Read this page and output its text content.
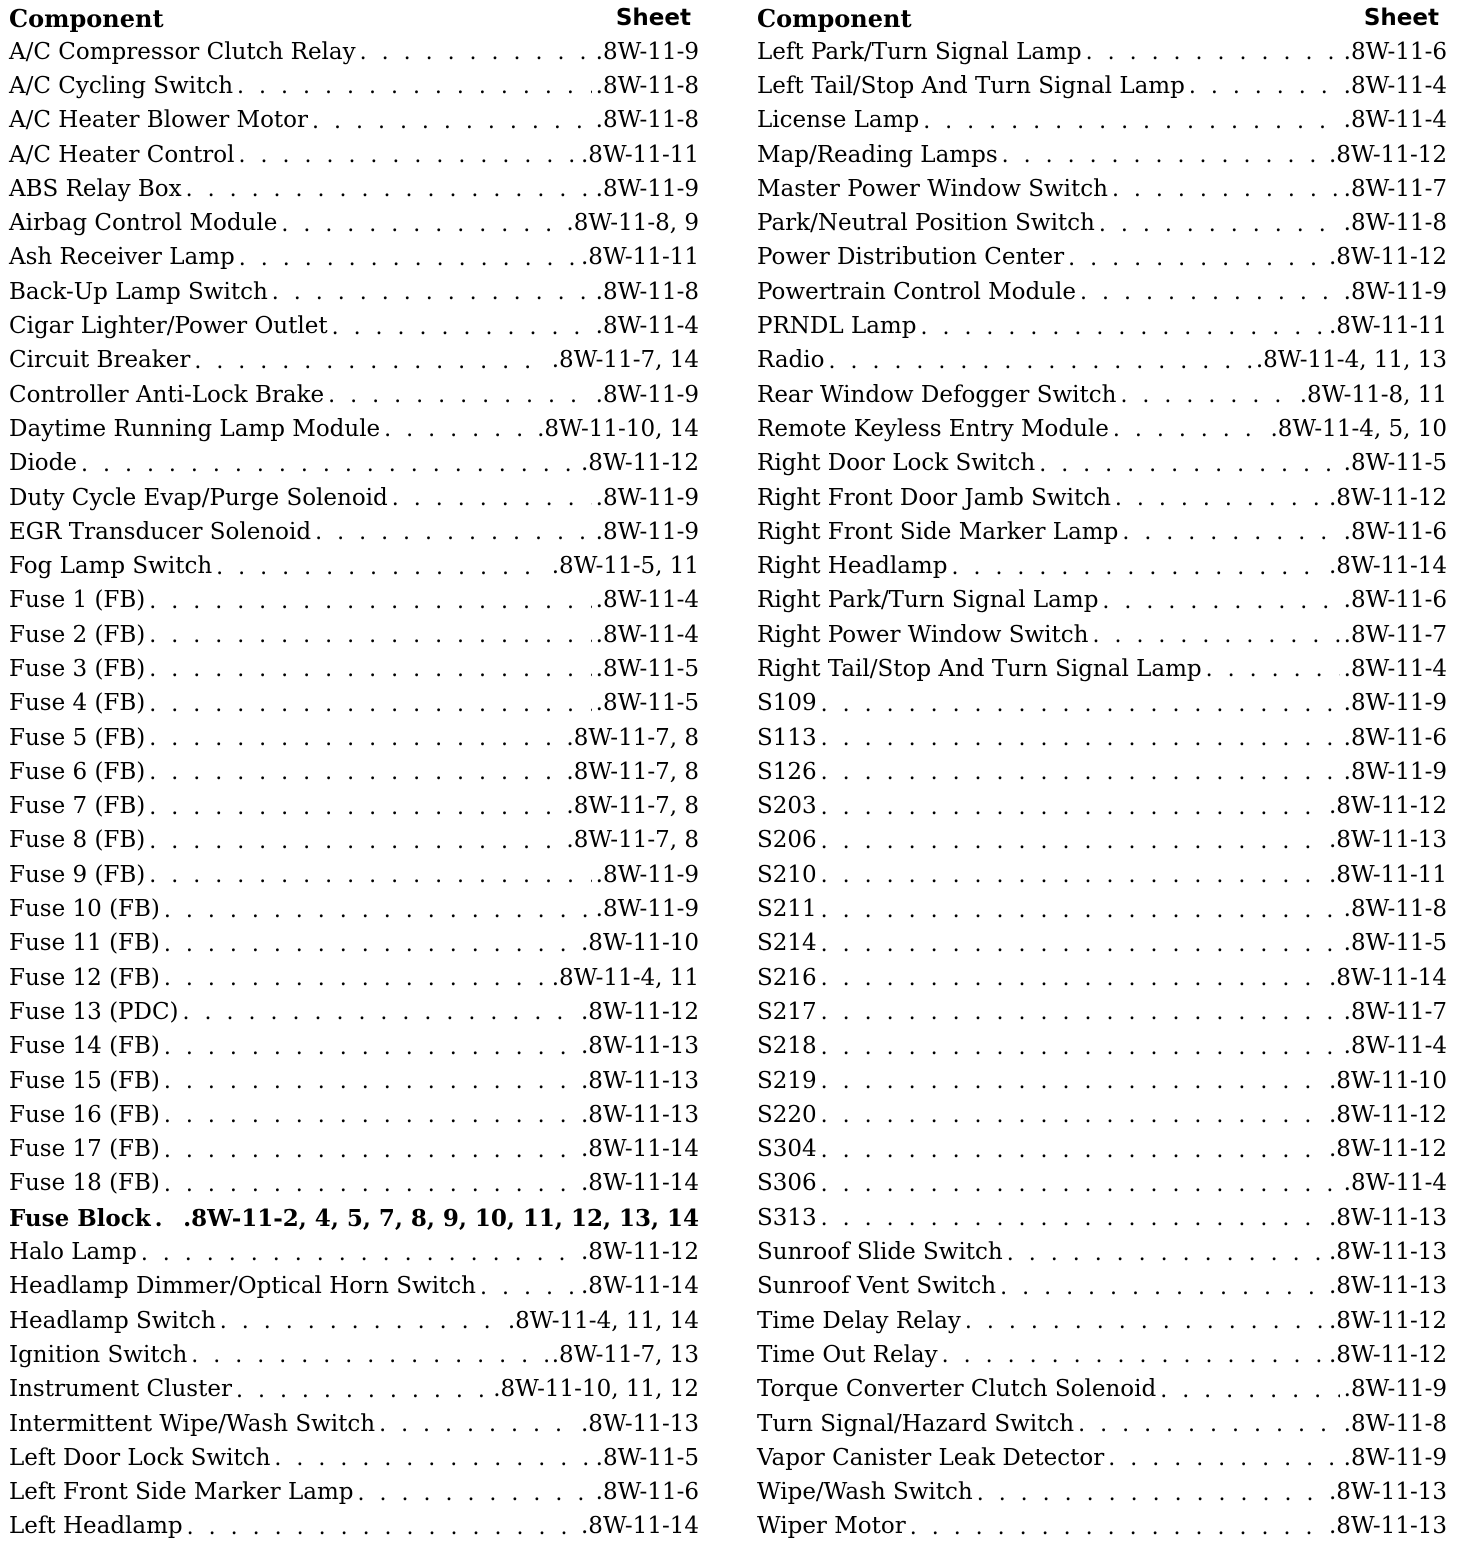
Component	Sheet
A/C Compressor Clutch Relay . . .	.8W-11-9
A/C Cycling Switch . . .	.8W-11-8
A/C Heater Blower Motor . . .	.8W-11-8
A/C Heater Control . . .	.8W-11-11
ABS Relay Box . . .	.8W-11-9
Airbag Control Module . . .	.8W-11-8, 9
Ash Receiver Lamp . . .	.8W-11-11
Back-Up Lamp Switch . . .	.8W-11-8
Cigar Lighter/Power Outlet . . .	.8W-11-4
Circuit Breaker . . .	.8W-11-7, 14
Controller Anti-Lock Brake . . .	.8W-11-9
Daytime Running Lamp Module . . .	.8W-11-10, 14
Diode . . .	.8W-11-12
Duty Cycle Evap/Purge Solenoid . . .	.8W-11-9
EGR Transducer Solenoid . . .	.8W-11-9
Fog Lamp Switch . . .	.8W-11-5, 11
Fuse 1 (FB) . . .	.8W-11-4
Fuse 2 (FB) . . .	.8W-11-4
Fuse 3 (FB) . . .	.8W-11-5
Fuse 4 (FB) . . .	.8W-11-5
Fuse 5 (FB) . . .	.8W-11-7, 8
Fuse 6 (FB) . . .	.8W-11-7, 8
Fuse 7 (FB) . . .	.8W-11-7, 8
Fuse 8 (FB) . . .	.8W-11-7, 8
Fuse 9 (FB) . . .	.8W-11-9
Fuse 10 (FB) . . .	.8W-11-9
Fuse 11 (FB) . . .	.8W-11-10
Fuse 12 (FB) . . .	.8W-11-4, 11
Fuse 13 (PDC) . . .	.8W-11-12
Fuse 14 (FB) . . .	.8W-11-13
Fuse 15 (FB) . . .	.8W-11-13
Fuse 16 (FB) . . .	.8W-11-13
Fuse 17 (FB) . . .	.8W-11-14
Fuse 18 (FB) . . .	.8W-11-14
Fuse Block . . . .8W-11-2, 4, 5, 7, 8, 9, 10, 11, 12, 13, 14
Halo Lamp . . .	.8W-11-12
Headlamp Dimmer/Optical Horn Switch . . .	.8W-11-14
Headlamp Switch . . .	.8W-11-4, 11, 14
Ignition Switch . . .	.8W-11-7, 13
Instrument Cluster . . .	.8W-11-10, 11, 12
Intermittent Wipe/Wash Switch . . .	.8W-11-13
Left Door Lock Switch . . .	.8W-11-5
Left Front Side Marker Lamp . . .	.8W-11-6
Left Headlamp . . .	.8W-11-14
Component	Sheet
Left Park/Turn Signal Lamp . . .	.8W-11-6
Left Tail/Stop And Turn Signal Lamp . . .	.8W-11-4
License Lamp . . .	.8W-11-4
Map/Reading Lamps . . .	.8W-11-12
Master Power Window Switch . . .	.8W-11-7
Park/Neutral Position Switch . . .	.8W-11-8
Power Distribution Center . . .	.8W-11-12
Powertrain Control Module . . .	.8W-11-9
PRNDL Lamp . . .	.8W-11-11
Radio . . .	.8W-11-4, 11, 13
Rear Window Defogger Switch . . .	.8W-11-8, 11
Remote Keyless Entry Module . . .	.8W-11-4, 5, 10
Right Door Lock Switch . . .	.8W-11-5
Right Front Door Jamb Switch . . .	.8W-11-12
Right Front Side Marker Lamp . . .	.8W-11-6
Right Headlamp . . .	.8W-11-14
Right Park/Turn Signal Lamp . . .	.8W-11-6
Right Power Window Switch . . .	.8W-11-7
Right Tail/Stop And Turn Signal Lamp . . .	.8W-11-4
S109 . . .	.8W-11-9
S113 . . .	.8W-11-6
S126 . . .	.8W-11-9
S203 . . .	.8W-11-12
S206 . . .	.8W-11-13
S210 . . .	.8W-11-11
S211 . . .	.8W-11-8
S214 . . .	.8W-11-5
S216 . . .	.8W-11-14
S217 . . .	.8W-11-7
S218 . . .	.8W-11-4
S219 . . .	.8W-11-10
S220 . . .	.8W-11-12
S304 . . .	.8W-11-12
S306 . . .	.8W-11-4
S313 . . .	.8W-11-13
Sunroof Slide Switch . . .	.8W-11-13
Sunroof Vent Switch . . .	.8W-11-13
Time Delay Relay . . .	.8W-11-12
Time Out Relay . . .	.8W-11-12
Torque Converter Clutch Solenoid . . .	.8W-11-9
Turn Signal/Hazard Switch . . .	.8W-11-8
Vapor Canister Leak Detector . . .	.8W-11-9
Wipe/Wash Switch . . .	.8W-11-13
Wiper Motor . . .	.8W-11-13
